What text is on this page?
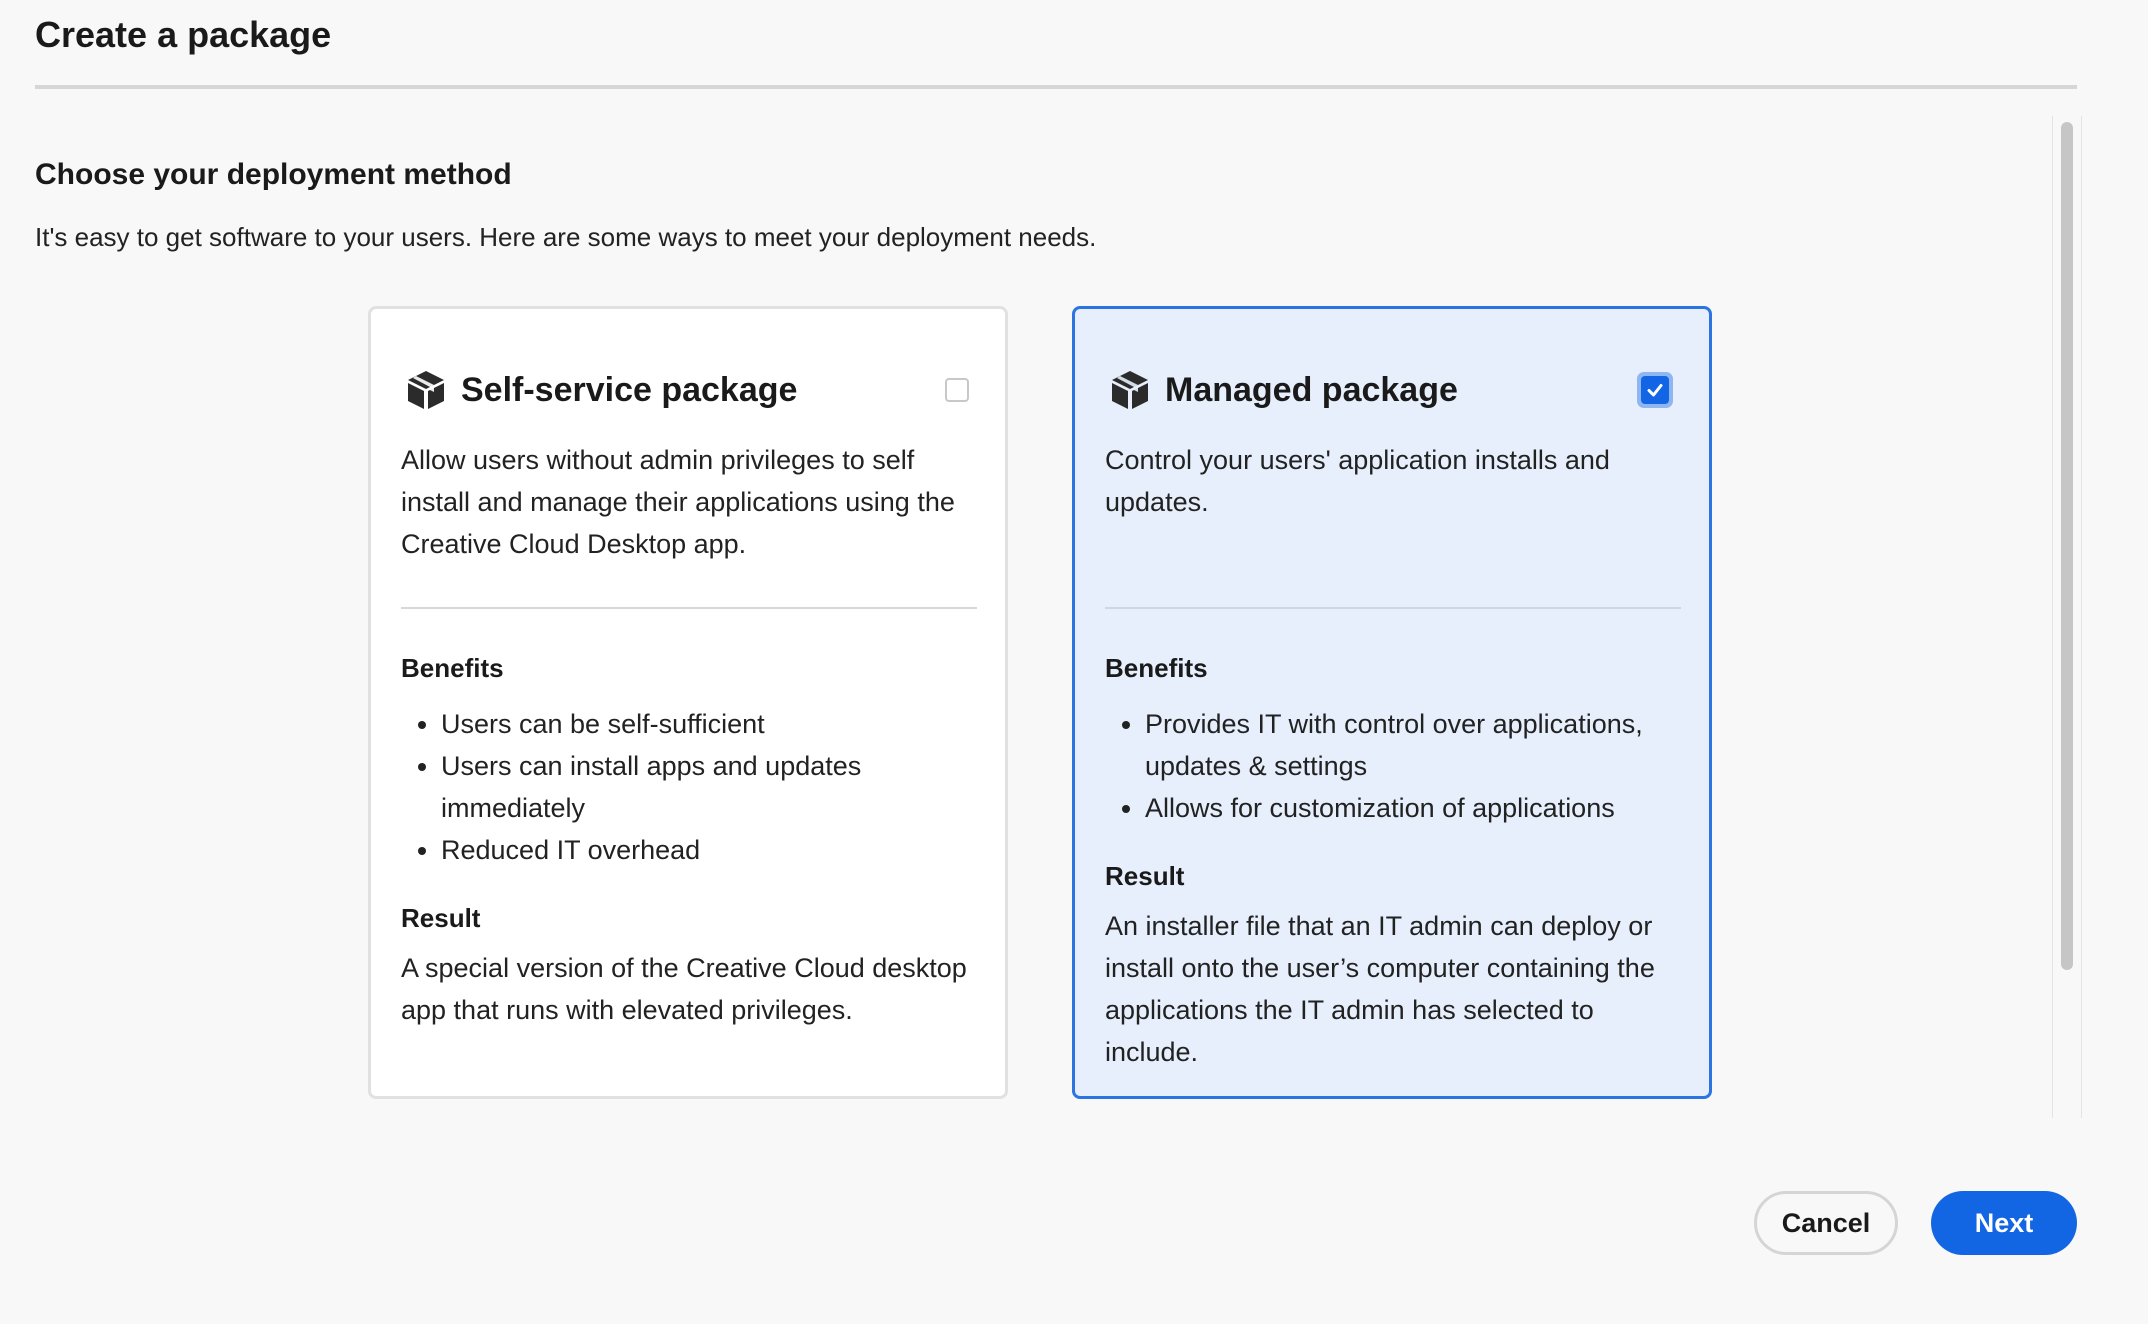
Create a package
Choose your deployment method

It's easy to get software to your users. Here are some ways to meet your deployment needs.

Self-service package

Allow users without admin privileges to self install and manage their applications using the Creative Cloud Desktop app.

Benefits
• Users can be self-sufficient
• Users can install apps and updates immediately
• Reduced IT overhead
Result

A special version of the Creative Cloud desktop app that runs with elevated privileges.

Managed package

Control your users' application installs and updates.

Benefits
• Provides IT with control over applications, updates & settings
• Allows for customization of applications
Result

An installer file that an IT admin can deploy or install onto the user’s computer containing the applications the IT admin has selected to include.

Cancel	Next
